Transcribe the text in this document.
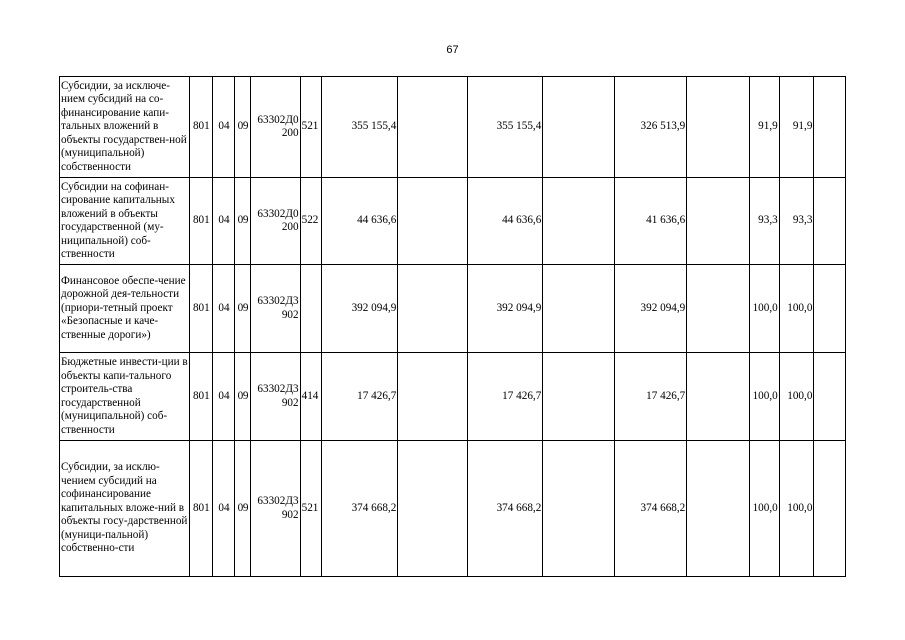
67
Субсидии, за исключе-нием субсидий на со-финансирование капи-тальных вложений в объекты государствен-ной (муниципальной) собственности	801	04	09	63302Д0 200	521	355 155,4		355 155,4		326 513,9		91,9	91,9	
Субсидии на софинан-сирование капитальных вложений в объекты государственной (му-ниципальной) соб-ственности	801	04	09	63302Д0 200	522	44 636,6		44 636,6		41 636,6		93,3	93,3	
Финансовое обеспе-чение дорожной дея-тельности (приори-тетный проект «Безопасные и каче-ственные дороги»)	801	04	09	63302Д3 902		392 094,9		392 094,9		392 094,9		100,0	100,0	
Бюджетные инвести-ции в объекты капи-тального строитель-ства государственной (муниципальной) соб-ственности	801	04	09	63302Д3 902	414	17 426,7		17 426,7		17 426,7		100,0	100,0	
Субсидии, за исклю-чением субсидий на софинансирование капитальных вложе-ний в объекты госу-дарственной (муници-пальной) собственно-сти	801	04	09	63302Д3 902	521	374 668,2		374 668,2		374 668,2		100,0	100,0	
